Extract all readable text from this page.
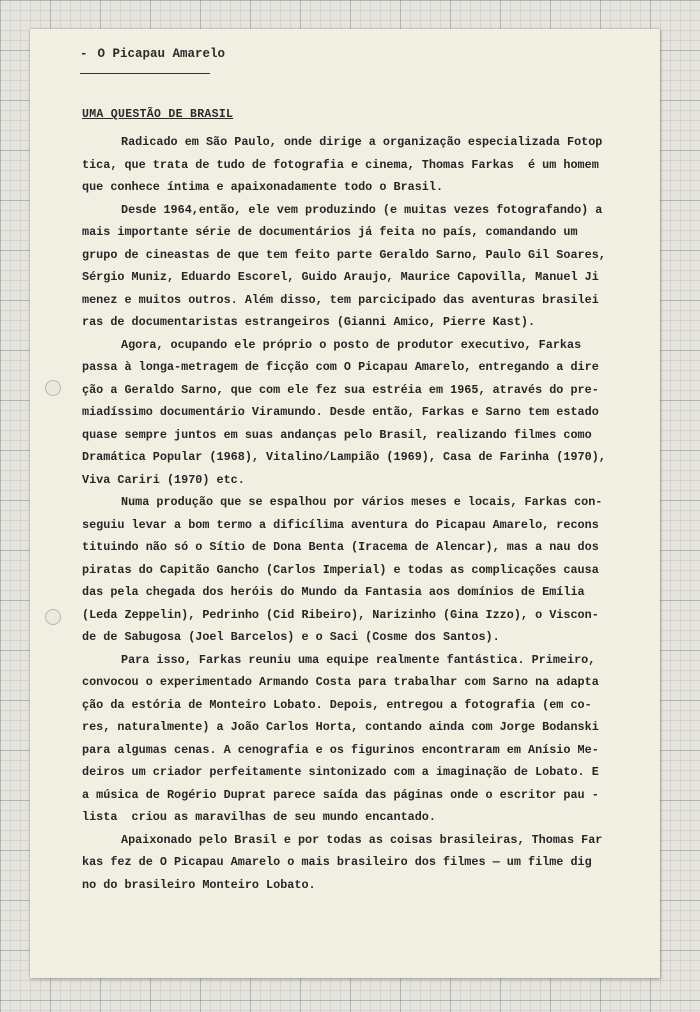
- O Picapau Amarelo
UMA QUESTÃO DE BRASIL
Radicado em São Paulo, onde dirige a organização especializada Fotop
tica, que trata de tudo de fotografia e cinema, Thomas Farkas  é um homem
que conhece íntima e apaixonadamente todo o Brasil.
Desde 1964,então, ele vem produzindo (e muitas vezes fotografando) a
mais importante série de documentários já feita no país, comandando um
grupo de cineastas de que tem feito parte Geraldo Sarno, Paulo Gil Soares,
Sérgio Muniz, Eduardo Escorel, Guido Araujo, Maurice Capovilla, Manuel Ji
menez e muitos outros. Além disso, tem parcicipado das aventuras brasilei
ras de documentaristas estrangeiros (Gianni Amico, Pierre Kast).
Agora, ocupando ele próprio o posto de produtor executivo, Farkas
passa à longa-metragem de ficção com O Picapau Amarelo, entregando a dire
ção a Geraldo Sarno, que com ele fez sua estréia em 1965, através do pre-
miadíssimo documentário Viramundo. Desde então, Farkas e Sarno tem estado
quase sempre juntos em suas andanças pelo Brasil, realizando filmes como
Dramática Popular (1968), Vitalino/Lampião (1969), Casa de Farinha (1970),
Viva Cariri (1970) etc.
Numa produção que se espalhou por vários meses e locais, Farkas con-
seguiu levar a bom termo a dificílima aventura do Picapau Amarelo, recons
tituindo não só o Sítio de Dona Benta (Iracema de Alencar), mas a nau dos
piratas do Capitão Gancho (Carlos Imperial) e todas as complicações causa
das pela chegada dos heróis do Mundo da Fantasia aos domínios de Emília
(Leda Zeppelin), Pedrinho (Cid Ribeiro), Narizinho (Gina Izzo), o Viscon-
de de Sabugosa (Joel Barcelos) e o Saci (Cosme dos Santos).
Para isso, Farkas reuniu uma equipe realmente fantástica. Primeiro,
convocou o experimentado Armando Costa para trabalhar com Sarno na adapta
ção da estória de Monteiro Lobato. Depois, entregou a fotografia (em co-
res, naturalmente) a João Carlos Horta, contando ainda com Jorge Bodanski
para algumas cenas. A cenografia e os figurinos encontraram em Anísio Me-
deiros um criador perfeitamente sintonizado com a imaginação de Lobato. E
a música de Rogério Duprat parece saída das páginas onde o escritor pau -
lista  criou as maravilhas de seu mundo encantado.
Apaixonado pelo Brasil e por todas as coisas brasileiras, Thomas Far
kas fez de O Picapau Amarelo o mais brasileiro dos filmes — um filme dig
no do brasileiro Monteiro Lobato.
